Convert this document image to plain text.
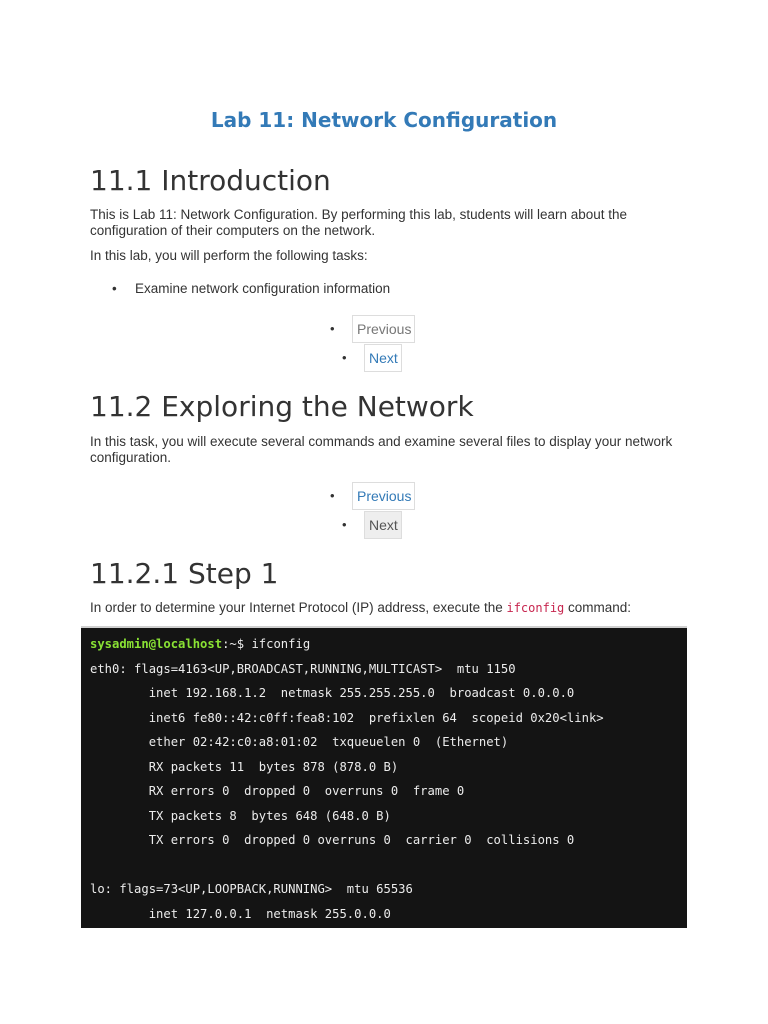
Lab 11: Network Configuration
11.1 Introduction

This is Lab 11: Network Configuration. By performing this lab, students will learn about the configuration of their computers on the network.

In this lab, you will perform the following tasks:

• Examine network configuration information
•	Previous
•	Next
11.2 Exploring the Network

In this task, you will execute several commands and examine several files to display your network configuration.

•	Previous
•	Next
11.2.1 Step 1

In order to determine your Internet Protocol (IP) address, execute the ifconfig command:

sysadmin@localhost:~$ ifconfig
eth0: flags=4163<UP,BROADCAST,RUNNING,MULTICAST>  mtu 1150
inet 192.168.1.2  netmask 255.255.255.0  broadcast 0.0.0.0
inet6 fe80::42:c0ff:fea8:102  prefixlen 64  scopeid 0x20<link>
ether 02:42:c0:a8:01:02  txqueuelen 0  (Ethernet)
RX packets 11  bytes 878 (878.0 B)
RX errors 0  dropped 0  overruns 0  frame 0
TX packets 8  bytes 648 (648.0 B)
TX errors 0  dropped 0 overruns 0  carrier 0  collisions 0
lo: flags=73<UP,LOOPBACK,RUNNING>  mtu 65536
inet 127.0.0.1  netmask 255.0.0.0
